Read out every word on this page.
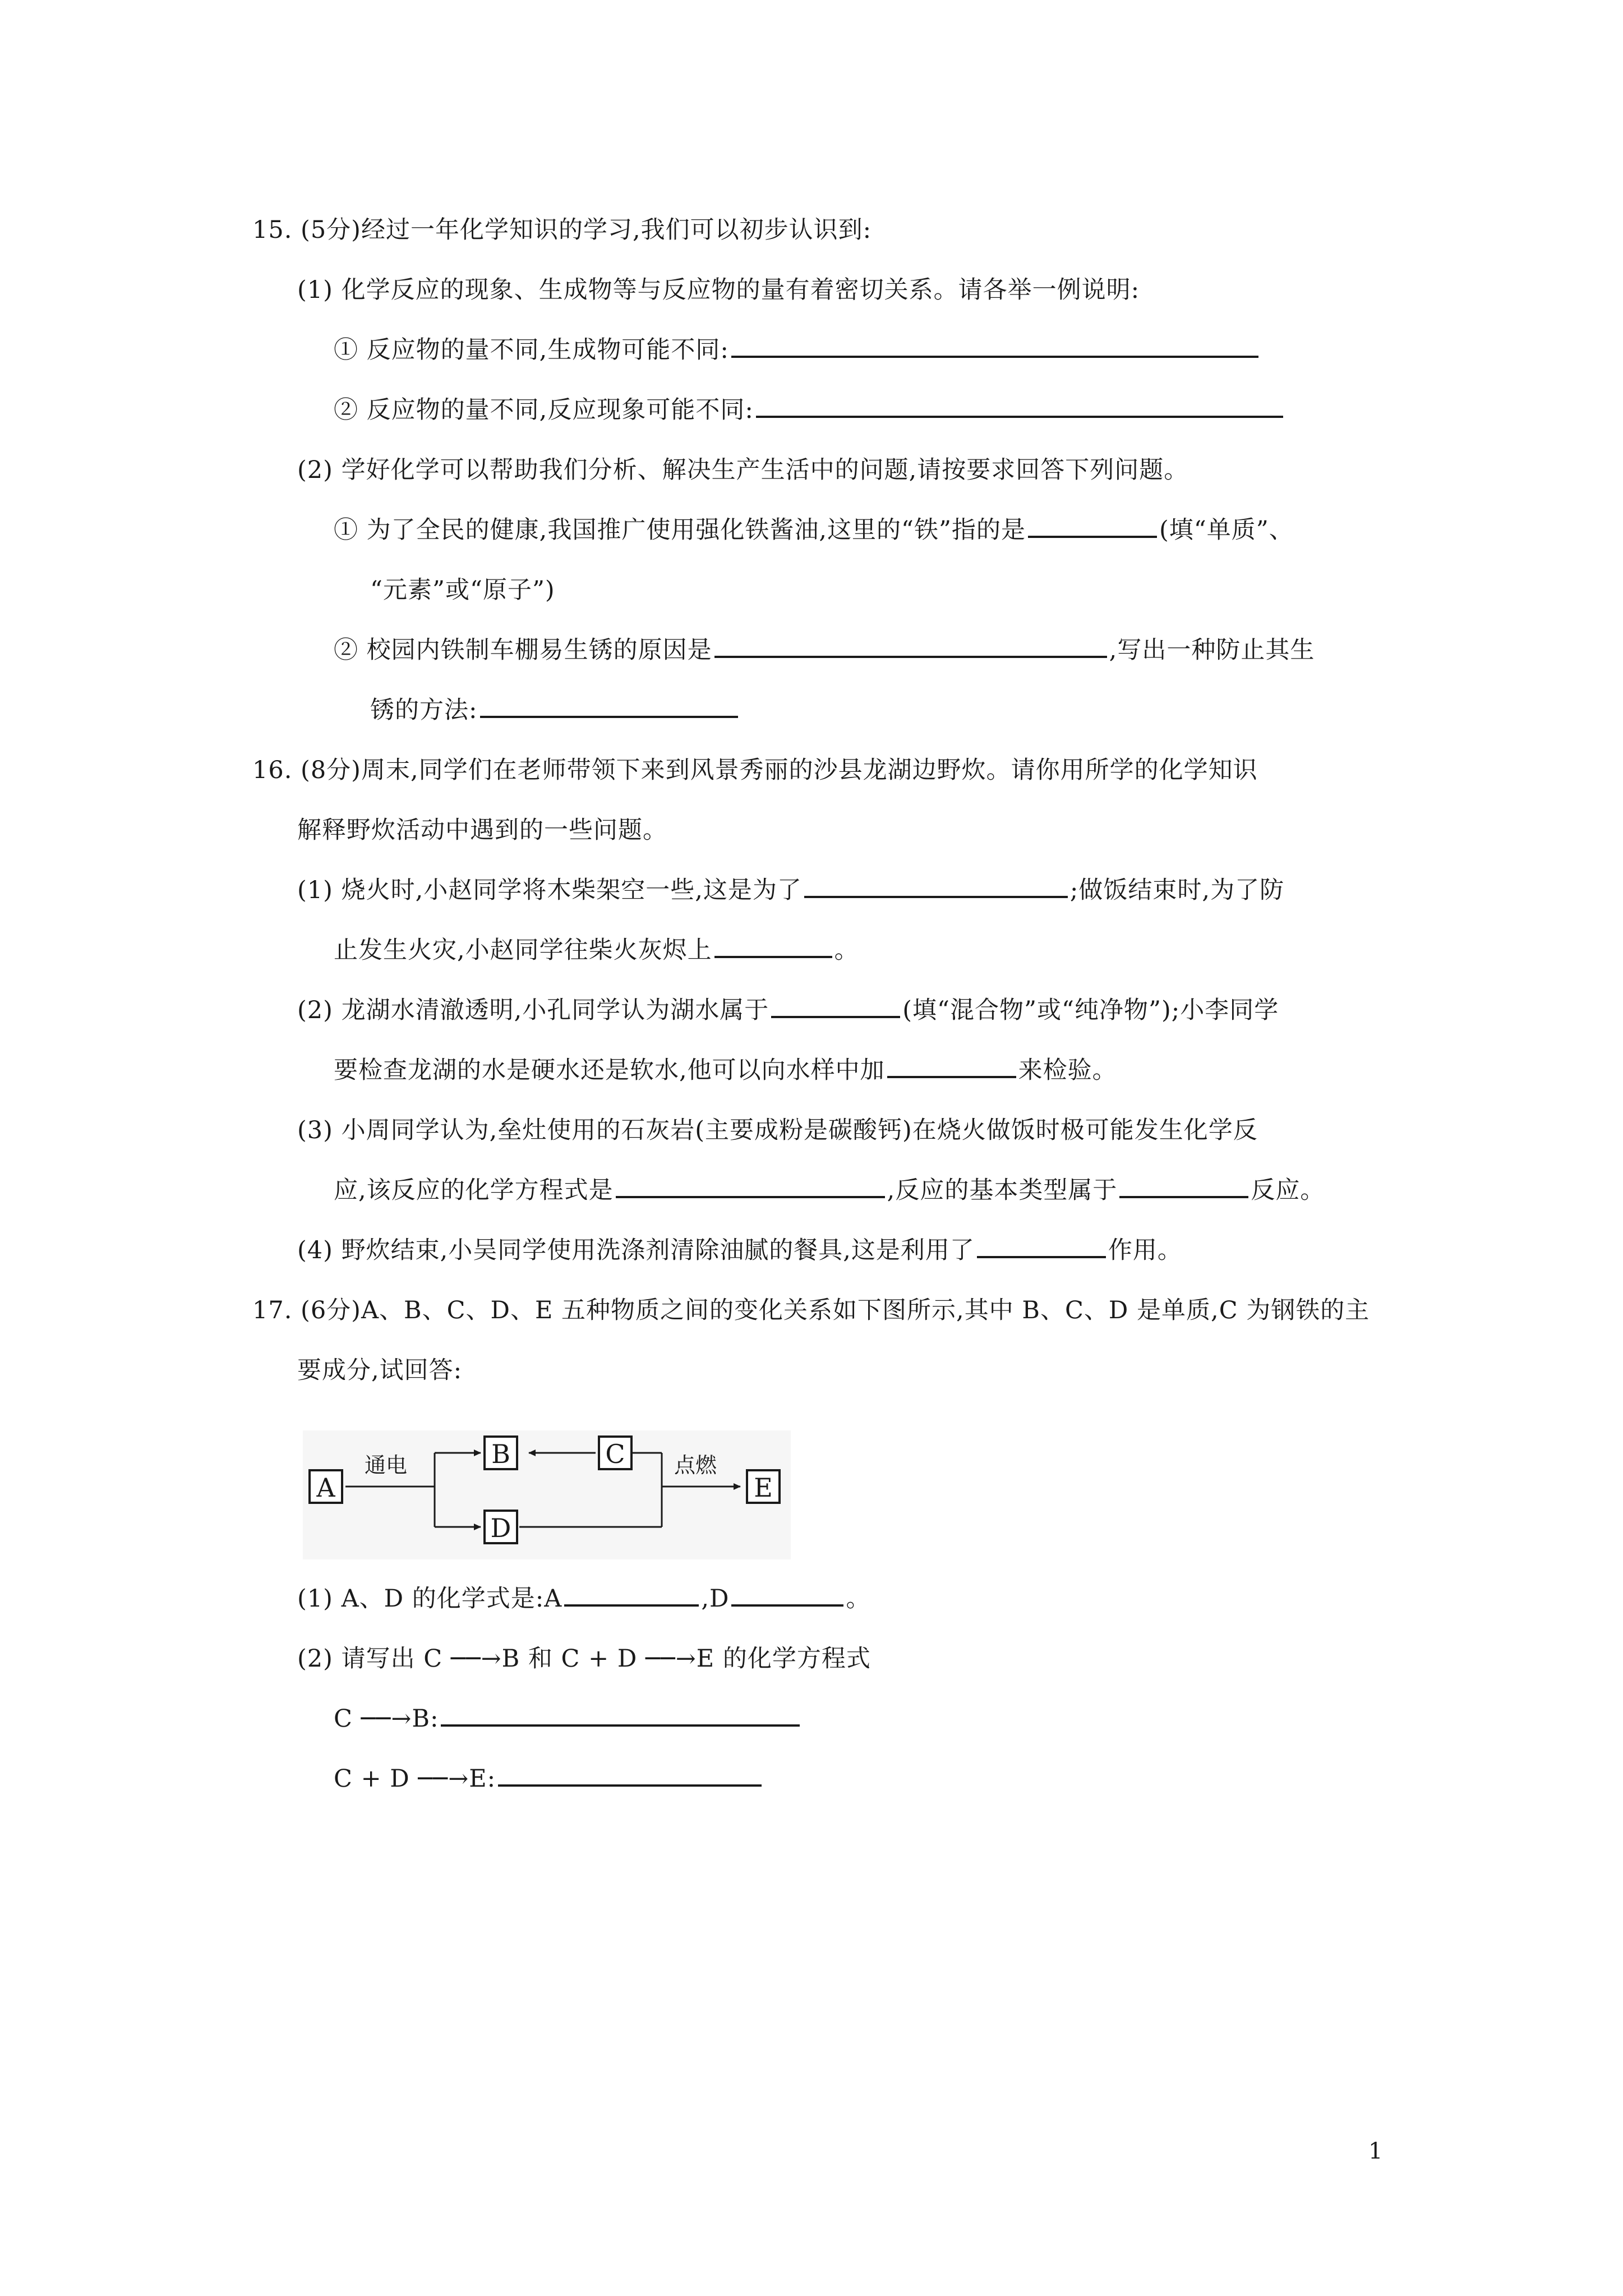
15. (5分)经过一年化学知识的学习,我们可以初步认识到:
(1) 化学反应的现象、生成物等与反应物的量有着密切关系。请各举一例说明:
① 反应物的量不同,生成物可能不同:
② 反应物的量不同,反应现象可能不同:
(2) 学好化学可以帮助我们分析、解决生产生活中的问题,请按要求回答下列问题。
① 为了全民的健康,我国推广使用强化铁酱油,这里的“铁”指的是	(填“单质”、
“元素”或“原子”)
② 校园内铁制车棚易生锈的原因是	,写出一种防止其生
锈的方法:
16. (8分)周末,同学们在老师带领下来到风景秀丽的沙县龙湖边野炊。请你用所学的化学知识
解释野炊活动中遇到的一些问题。
(1) 烧火时,小赵同学将木柴架空一些,这是为了	;做饭结束时,为了防
止发生火灾,小赵同学往柴火灰烬上	。
(2) 龙湖水清澈透明,小孔同学认为湖水属于	(填“混合物”或“纯净物”);小李同学
要检查龙湖的水是硬水还是软水,他可以向水样中加	来检验。
(3) 小周同学认为,垒灶使用的石灰岩(主要成粉是碳酸钙)在烧火做饭时极可能发生化学反
应,该反应的化学方程式是	,反应的基本类型属于	反应。
(4) 野炊结束,小吴同学使用洗涤剂清除油腻的餐具,这是利用了	作用。
17. (6分)A、B、C、D、E 五种物质之间的变化关系如下图所示,其中 B、C、D 是单质,C 为钢铁的主
要成分,试回答:
A
B	C
D
E
通电	点燃
(1) A、D 的化学式是:A	,D	。
(2) 请写出 C ──→B 和 C + D ──→E 的化学方程式
C ──→B:
C + D ──→E:
1
